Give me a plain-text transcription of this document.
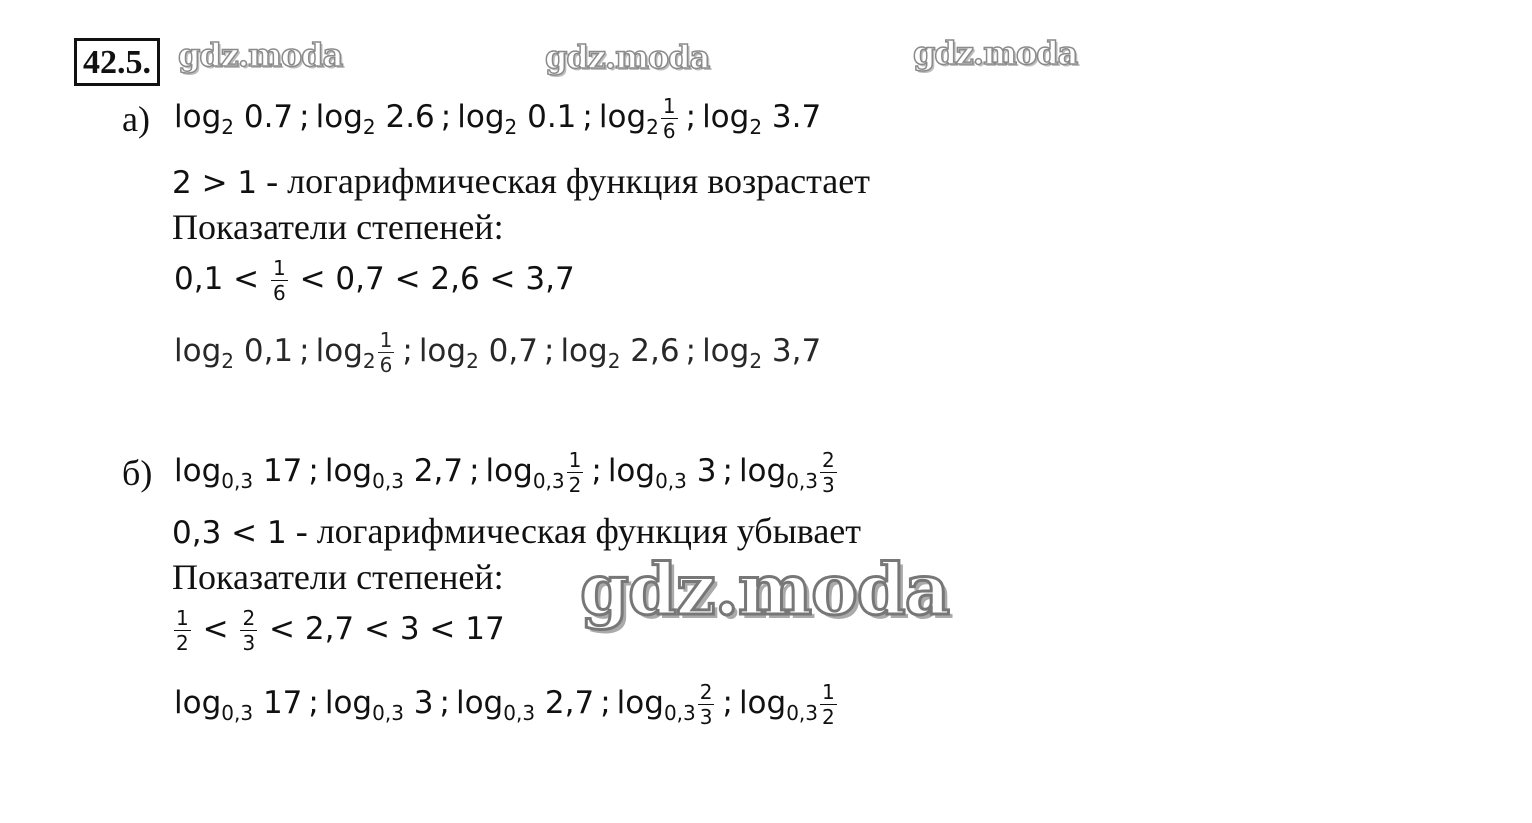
42.5. gdz.moda	gdz.moda	gdz.moda
gdz.moda
а) $\log_2 0.7$ ; $\log_2 2.6$ ; $\log_2 0.1$ ; $\log_2 \frac{1}{6}$ ; $\log_2 3.7$
2 > 1 - логарифмическая функция возрастает
Показатели степеней:
$0,1 < \frac{1}{6} < 0,7 < 2,6 < 3,7$
$\log_2 0,1$ ; $\log_2 \frac{1}{6}$ ; $\log_2 0,7$ ; $\log_2 2,6$ ; $\log_2 3,7$
б) $\log_{0,3} 17$ ; $\log_{0,3} 2,7$ ; $\log_{0,3} \frac{1}{2}$ ; $\log_{0,3} 3$ ; $\log_{0,3} \frac{2}{3}$
0,3 < 1 - логарифмическая функция убывает
Показатели степеней:
$\frac{1}{2} < \frac{2}{3} < 2,7 < 3 < 17$
$\log_{0,3} 17$ ; $\log_{0,3} 3$ ; $\log_{0,3} 2,7$ ; $\log_{0,3} \frac{2}{3}$ ; $\log_{0,3} \frac{1}{2}$
